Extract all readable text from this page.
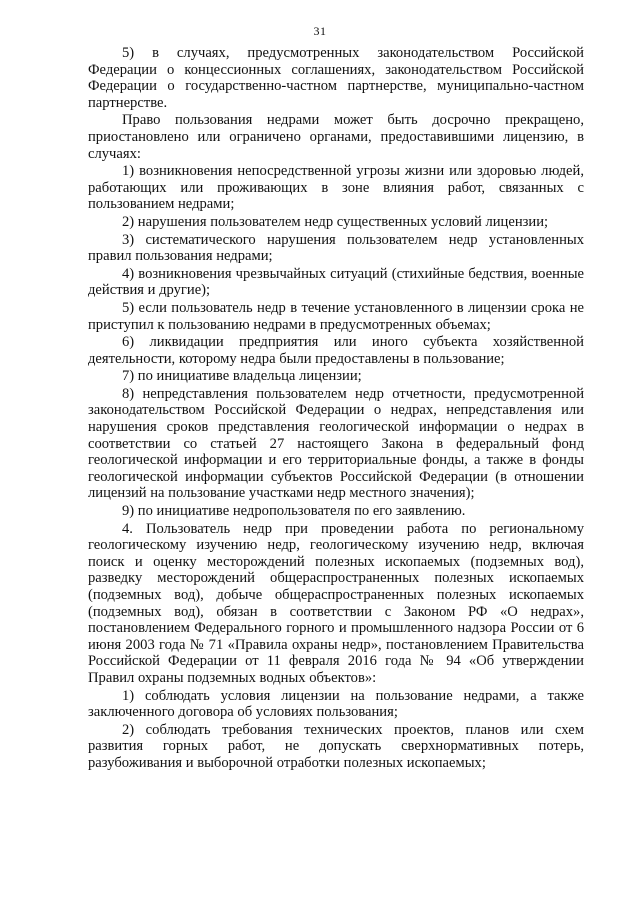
31

5) в случаях, предусмотренных законодательством Российской Федерации о концессионных соглашениях, законодательством Российской Федерации о государственно-частном партнерстве, муниципально-частном партнерстве.

Право пользования недрами может быть досрочно прекращено, приостановлено или ограничено органами, предоставившими лицензию, в случаях:

1) возникновения непосредственной угрозы жизни или здоровью людей, работающих или проживающих в зоне влияния работ, связанных с пользованием недрами;

2) нарушения пользователем недр существенных условий лицензии;

3) систематического нарушения пользователем недр установленных правил пользования недрами;

4) возникновения чрезвычайных ситуаций (стихийные бедствия, военные действия и другие);

5) если пользователь недр в течение установленного в лицензии срока не приступил к пользованию недрами в предусмотренных объемах;

6) ликвидации предприятия или иного субъекта хозяйственной деятельности, которому недра были предоставлены в пользование;

7) по инициативе владельца лицензии;

8) непредставления пользователем недр отчетности, предусмотренной законодательством Российской Федерации о недрах, непредставления или нарушения сроков представления геологической информации о недрах в соответствии со статьей 27 настоящего Закона в федеральный фонд геологической информации и его территориальные фонды, а также в фонды геологической информации субъектов Российской Федерации (в отношении лицензий на пользование участками недр местного значения);

9) по инициативе недропользователя по его заявлению.

4. Пользователь недр при проведении работа по региональному геологическому изучению недр, геологическому изучению недр, включая поиск и оценку месторождений полезных ископаемых (подземных вод), разведку месторождений общераспространенных полезных ископаемых (подземных вод), добыче общераспространенных полезных ископаемых (подземных вод), обязан в соответствии с Законом РФ «О недрах», постановлением Федерального горного и промышленного надзора России от 6 июня 2003 года № 71 «Правила охраны недр», постановлением Правительства Российской Федерации от 11 февраля 2016 года № 94 «Об утверждении Правил охраны подземных водных объектов»:

1) соблюдать условия лицензии на пользование недрами, а также заключенного договора об условиях пользования;

2) соблюдать требования технических проектов, планов или схем развития горных работ, не допускать сверхнормативных потерь, разубоживания и выборочной отработки полезных ископаемых;
